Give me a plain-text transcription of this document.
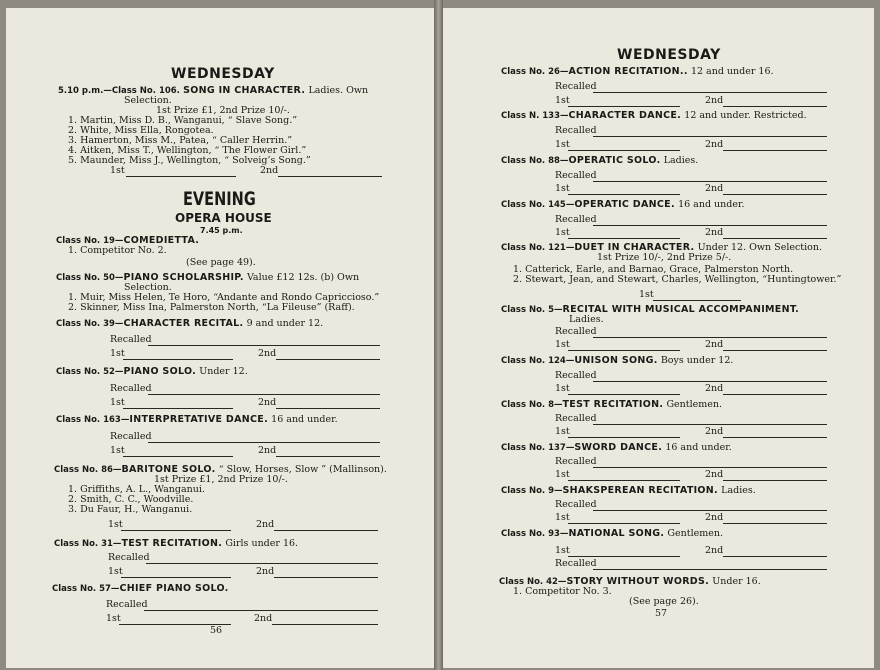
WEDNESDAY
5.10 p.m.—Class No. 106. SONG IN CHARACTER. Ladies. Own
Selection.
1st Prize £1, 2nd Prize 10/-.
1. Martin, Miss D. B., Wanganui, “ Slave Song.”
2. White, Miss Ella, Rongotea.
3. Hamerton, Miss M., Patea, “ Caller Herrin.”
4. Aitken, Miss T., Wellington, “ The Flower Girl.”
5. Maunder, Miss J., Wellington, “ Solveig’s Song.”
1st	2nd
EVENING
OPERA HOUSE
7.45 p.m.
Class No. 19—COMEDIETTA.
1. Competitor No. 2.
(See page 49).
Class No. 50—PIANO SCHOLARSHIP. Value £12 12s. (b) Own
Selection.
1. Muir, Miss Helen, Te Horo, “Andante and Rondo Capriccioso.”
2. Skinner, Miss Ina, Palmerston North, “La Fileuse” (Raff).
Class No. 39—CHARACTER RECITAL. 9 and under 12.
Recalled
1st	2nd
Class No. 52—PIANO SOLO. Under 12.
Recalled
1st	2nd
Class No. 163—INTERPRETATIVE DANCE. 16 and under.
Recalled
1st	2nd
Class No. 86—BARITONE SOLO. “ Slow, Horses, Slow ” (Mallinson).
1st Prize £1, 2nd Prize 10/-.
1. Griffiths, A. L., Wanganui.
2. Smith, C. C., Woodville.
3. Du Faur, H., Wanganui.
1st	2nd
Class No. 31—TEST RECITATION. Girls under 16.
Recalled
1st	2nd
Class No. 57—CHIEF PIANO SOLO.
Recalled
1st	2nd
56
WEDNESDAY
Class No. 26—ACTION RECITATION.. 12 and under 16.
Recalled
1st	2nd
Class N. 133—CHARACTER DANCE. 12 and under. Restricted.
Recalled
1st	2nd
Class No. 88—OPERATIC SOLO. Ladies.
Recalled
1st	2nd
Class No. 145—OPERATIC DANCE. 16 and under.
Recalled
1st	2nd
Class No. 121—DUET IN CHARACTER. Under 12. Own Selection.
1st Prize 10/-, 2nd Prize 5/-.
1. Catterick, Earle, and Barnao, Grace, Palmerston North.
2. Stewart, Jean, and Stewart, Charles, Wellington, “Huntingtower.”
1st
Class No. 5—RECITAL WITH MUSICAL ACCOMPANIMENT.
Ladies.
Recalled
1st	2nd
Class No. 124—UNISON SONG. Boys under 12.
Recalled
1st	2nd
Class No. 8—TEST RECITATION. Gentlemen.
Recalled
1st	2nd
Class No. 137—SWORD DANCE. 16 and under.
Recalled
1st	2nd
Class No. 9—SHAKSPEREAN RECITATION. Ladies.
Recalled
1st	2nd
Class No. 93—NATIONAL SONG. Gentlemen.
1st	2nd
Recalled
Class No. 42—STORY WITHOUT WORDS. Under 16.
1. Competitor No. 3.
(See page 26).
57
